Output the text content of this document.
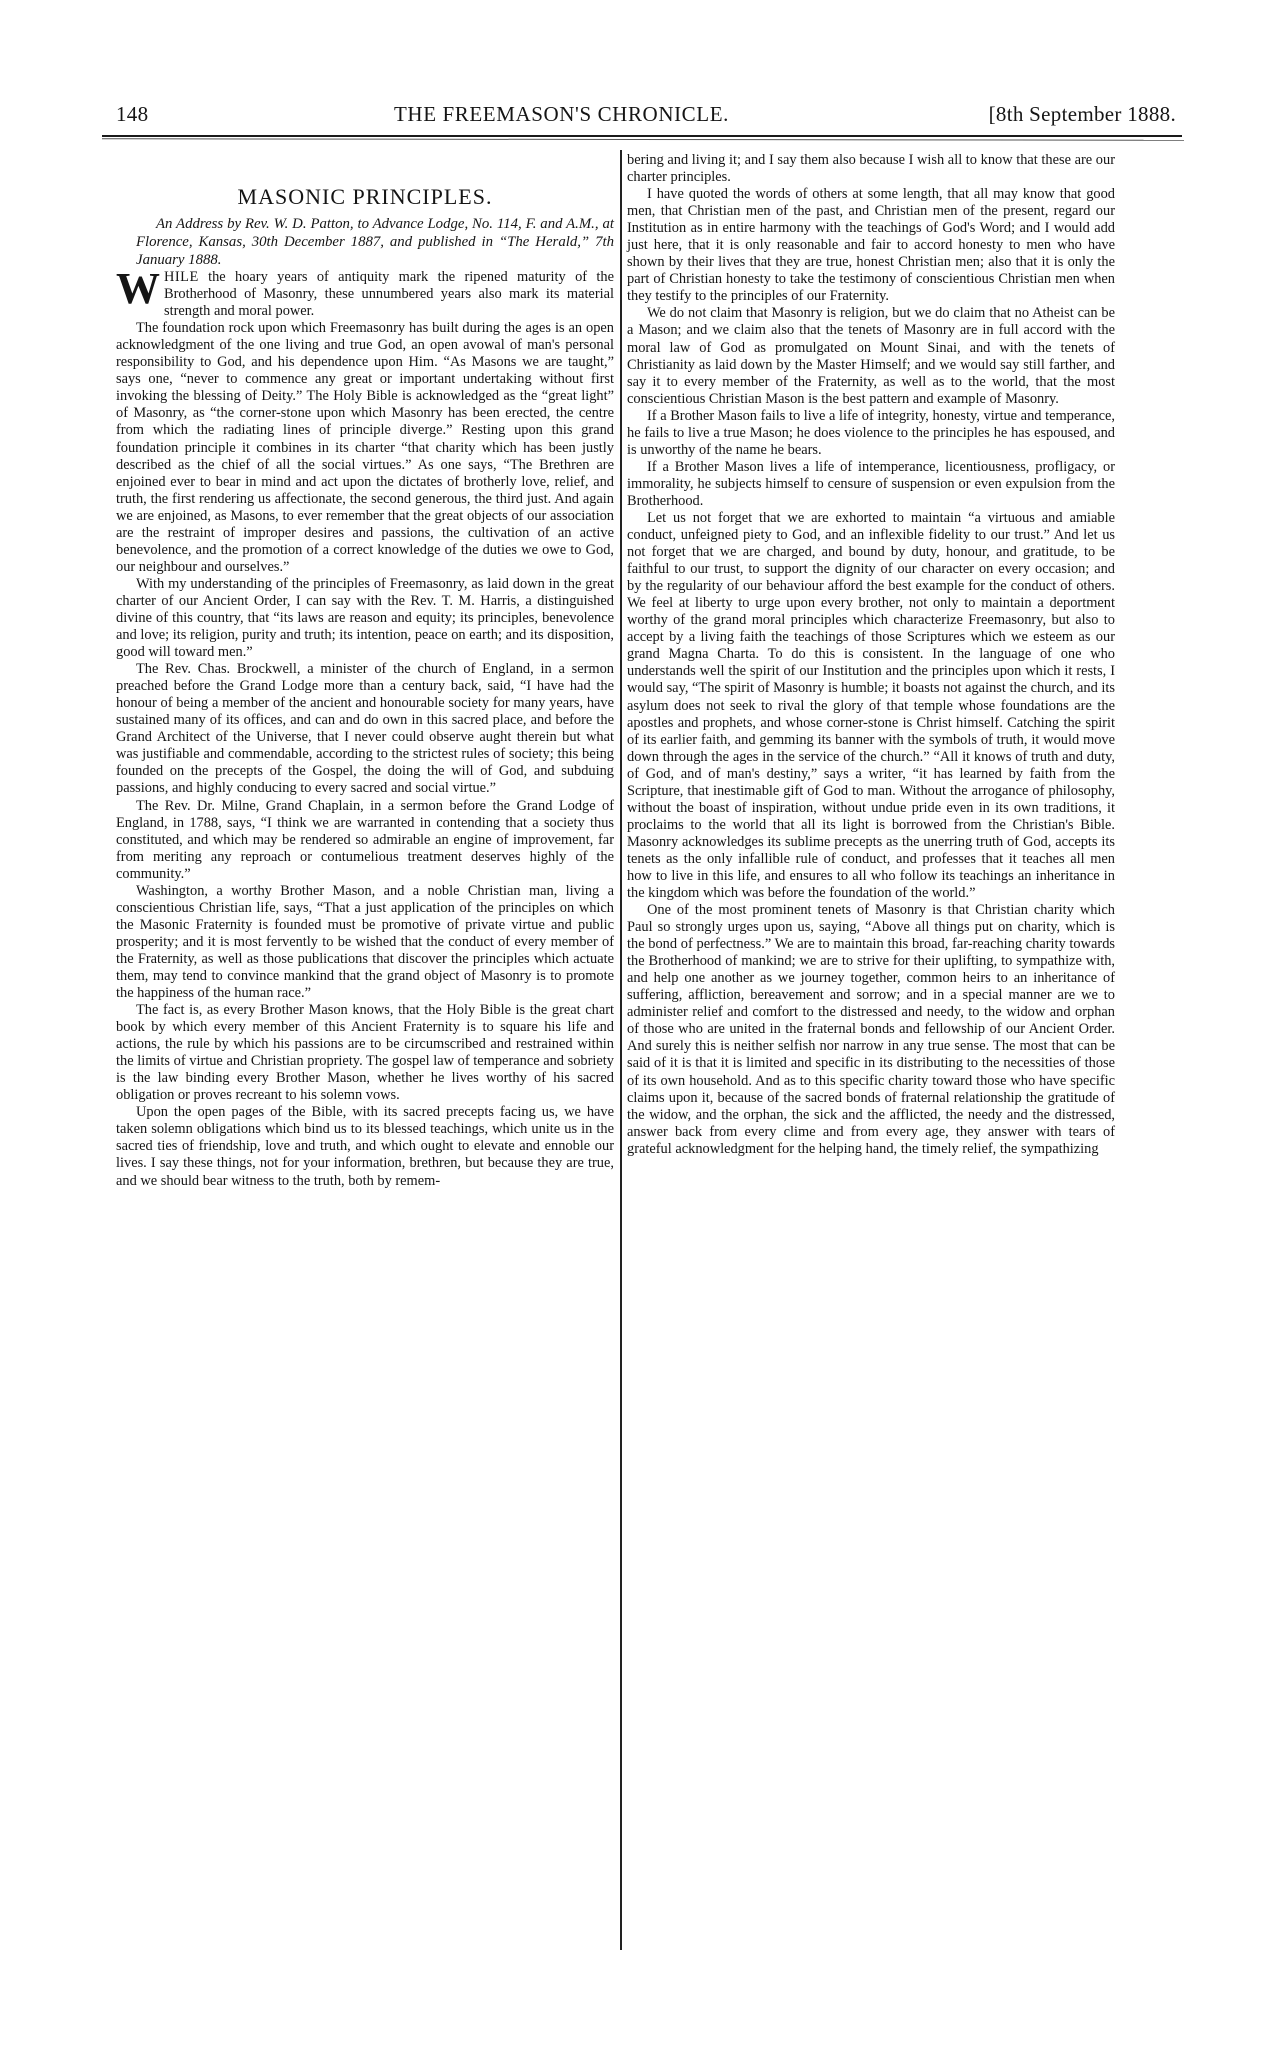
148	THE FREEMASON'S CHRONICLE.	[8th September 1888.
MASONIC PRINCIPLES.

An Address by Rev. W. D. Patton, to Advance Lodge, No. 114, F. and A.M., at Florence, Kansas, 30th December 1887, and published in “The Herald,” 7th January 1888.

WHILE the hoary years of antiquity mark the ripened maturity of the Brotherhood of Masonry, these unnumbered years also mark its material strength and moral power.

The foundation rock upon which Freemasonry has built during the ages is an open acknowledgment of the one living and true God, an open avowal of man's personal responsibility to God, and his dependence upon Him. “As Masons we are taught,” says one, “never to commence any great or important undertaking without first invoking the blessing of Deity.” The Holy Bible is acknowledged as the “great light” of Masonry, as “the corner-stone upon which Masonry has been erected, the centre from which the radiating lines of principle diverge.” Resting upon this grand foundation principle it combines in its charter “that charity which has been justly described as the chief of all the social virtues.” As one says, “The Brethren are enjoined ever to bear in mind and act upon the dictates of brotherly love, relief, and truth, the first rendering us affectionate, the second generous, the third just. And again we are enjoined, as Masons, to ever remember that the great objects of our association are the restraint of improper desires and passions, the cultivation of an active benevolence, and the promotion of a correct knowledge of the duties we owe to God, our neighbour and ourselves.”

With my understanding of the principles of Freemasonry, as laid down in the great charter of our Ancient Order, I can say with the Rev. T. M. Harris, a distinguished divine of this country, that “its laws are reason and equity; its principles, benevolence and love; its religion, purity and truth; its intention, peace on earth; and its disposition, good will toward men.”

The Rev. Chas. Brockwell, a minister of the church of England, in a sermon preached before the Grand Lodge more than a century back, said, “I have had the honour of being a member of the ancient and honourable society for many years, have sustained many of its offices, and can and do own in this sacred place, and before the Grand Architect of the Universe, that I never could observe aught therein but what was justifiable and commendable, according to the strictest rules of society; this being founded on the precepts of the Gospel, the doing the will of God, and subduing passions, and highly conducing to every sacred and social virtue.”

The Rev. Dr. Milne, Grand Chaplain, in a sermon before the Grand Lodge of England, in 1788, says, “I think we are warranted in contending that a society thus constituted, and which may be rendered so admirable an engine of improvement, far from meriting any reproach or contumelious treatment deserves highly of the community.”

Washington, a worthy Brother Mason, and a noble Christian man, living a conscientious Christian life, says, “That a just application of the principles on which the Masonic Fraternity is founded must be promotive of private virtue and public prosperity; and it is most fervently to be wished that the conduct of every member of the Fraternity, as well as those publications that discover the principles which actuate them, may tend to convince mankind that the grand object of Masonry is to promote the happiness of the human race.”

The fact is, as every Brother Mason knows, that the Holy Bible is the great chart book by which every member of this Ancient Fraternity is to square his life and actions, the rule by which his passions are to be circumscribed and restrained within the limits of virtue and Christian propriety. The gospel law of temperance and sobriety is the law binding every Brother Mason, whether he lives worthy of his sacred obligation or proves recreant to his solemn vows.

Upon the open pages of the Bible, with its sacred precepts facing us, we have taken solemn obligations which bind us to its blessed teachings, which unite us in the sacred ties of friendship, love and truth, and which ought to elevate and ennoble our lives. I say these things, not for your information, brethren, but because they are true, and we should bear witness to the truth, both by remem-

bering and living it; and I say them also because I wish all to know that these are our charter principles.

I have quoted the words of others at some length, that all may know that good men, that Christian men of the past, and Christian men of the present, regard our Institution as in entire harmony with the teachings of God's Word; and I would add just here, that it is only reasonable and fair to accord honesty to men who have shown by their lives that they are true, honest Christian men; also that it is only the part of Christian honesty to take the testimony of conscientious Christian men when they testify to the principles of our Fraternity.

We do not claim that Masonry is religion, but we do claim that no Atheist can be a Mason; and we claim also that the tenets of Masonry are in full accord with the moral law of God as promulgated on Mount Sinai, and with the tenets of Christianity as laid down by the Master Himself; and we would say still farther, and say it to every member of the Fraternity, as well as to the world, that the most conscientious Christian Mason is the best pattern and example of Masonry.

If a Brother Mason fails to live a life of integrity, honesty, virtue and temperance, he fails to live a true Mason; he does violence to the principles he has espoused, and is unworthy of the name he bears.

If a Brother Mason lives a life of intemperance, licentiousness, profligacy, or immorality, he subjects himself to censure of suspension or even expulsion from the Brotherhood.

Let us not forget that we are exhorted to maintain “a virtuous and amiable conduct, unfeigned piety to God, and an inflexible fidelity to our trust.” And let us not forget that we are charged, and bound by duty, honour, and gratitude, to be faithful to our trust, to support the dignity of our character on every occasion; and by the regularity of our behaviour afford the best example for the conduct of others. We feel at liberty to urge upon every brother, not only to maintain a deportment worthy of the grand moral principles which characterize Freemasonry, but also to accept by a living faith the teachings of those Scriptures which we esteem as our grand Magna Charta. To do this is consistent. In the language of one who understands well the spirit of our Institution and the principles upon which it rests, I would say, “The spirit of Masonry is humble; it boasts not against the church, and its asylum does not seek to rival the glory of that temple whose foundations are the apostles and prophets, and whose corner-stone is Christ himself. Catching the spirit of its earlier faith, and gemming its banner with the symbols of truth, it would move down through the ages in the service of the church.” “All it knows of truth and duty, of God, and of man's destiny,” says a writer, “it has learned by faith from the Scripture, that inestimable gift of God to man. Without the arrogance of philosophy, without the boast of inspiration, without undue pride even in its own traditions, it proclaims to the world that all its light is borrowed from the Christian's Bible. Masonry acknowledges its sublime precepts as the unerring truth of God, accepts its tenets as the only infallible rule of conduct, and professes that it teaches all men how to live in this life, and ensures to all who follow its teachings an inheritance in the kingdom which was before the foundation of the world.”

One of the most prominent tenets of Masonry is that Christian charity which Paul so strongly urges upon us, saying, “Above all things put on charity, which is the bond of perfectness.” We are to maintain this broad, far-reaching charity towards the Brotherhood of mankind; we are to strive for their uplifting, to sympathize with, and help one another as we journey together, common heirs to an inheritance of suffering, affliction, bereavement and sorrow; and in a special manner are we to administer relief and comfort to the distressed and needy, to the widow and orphan of those who are united in the fraternal bonds and fellowship of our Ancient Order. And surely this is neither selfish nor narrow in any true sense. The most that can be said of it is that it is limited and specific in its distributing to the necessities of those of its own household. And as to this specific charity toward those who have specific claims upon it, because of the sacred bonds of fraternal relationship the gratitude of the widow, and the orphan, the sick and the afflicted, the needy and the distressed, answer back from every clime and from every age, they answer with tears of grateful acknowledgment for the helping hand, the timely relief, the sympathizing
